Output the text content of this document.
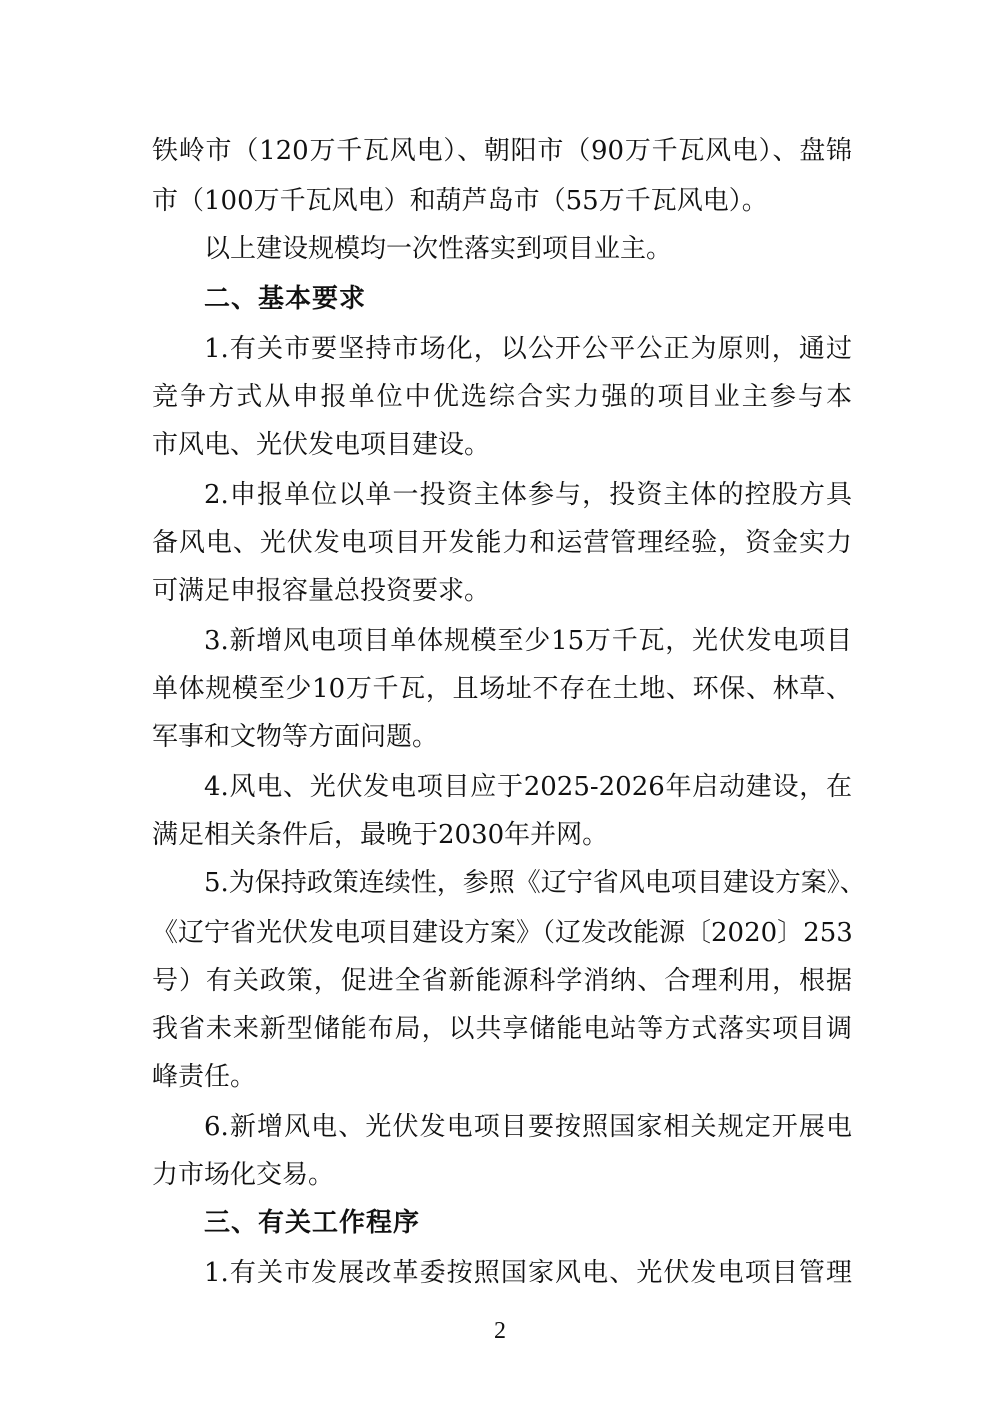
铁岭市（120万千瓦风电）、朝阳市（90万千瓦风电）、盘锦
市（100万千瓦风电）和葫芦岛市（55万千瓦风电）。
以上建设规模均一次性落实到项目业主。
二、基本要求
1.有关市要坚持市场化，以公开公平公正为原则，通过
竞争方式从申报单位中优选综合实力强的项目业主参与本
市风电、光伏发电项目建设。
2.申报单位以单一投资主体参与，投资主体的控股方具
备风电、光伏发电项目开发能力和运营管理经验，资金实力
可满足申报容量总投资要求。
3.新增风电项目单体规模至少15万千瓦，光伏发电项目
单体规模至少10万千瓦，且场址不存在土地、环保、林草、
军事和文物等方面问题。
4.风电、光伏发电项目应于2025-2026年启动建设，在
满足相关条件后，最晚于2030年并网。
5.为保持政策连续性，参照《辽宁省风电项目建设方案》、
《辽宁省光伏发电项目建设方案》（辽发改能源〔2020〕253
号）有关政策，促进全省新能源科学消纳、合理利用，根据
我省未来新型储能布局，以共享储能电站等方式落实项目调
峰责任。
6.新增风电、光伏发电项目要按照国家相关规定开展电
力市场化交易。
三、有关工作程序
1.有关市发展改革委按照国家风电、光伏发电项目管理
2
